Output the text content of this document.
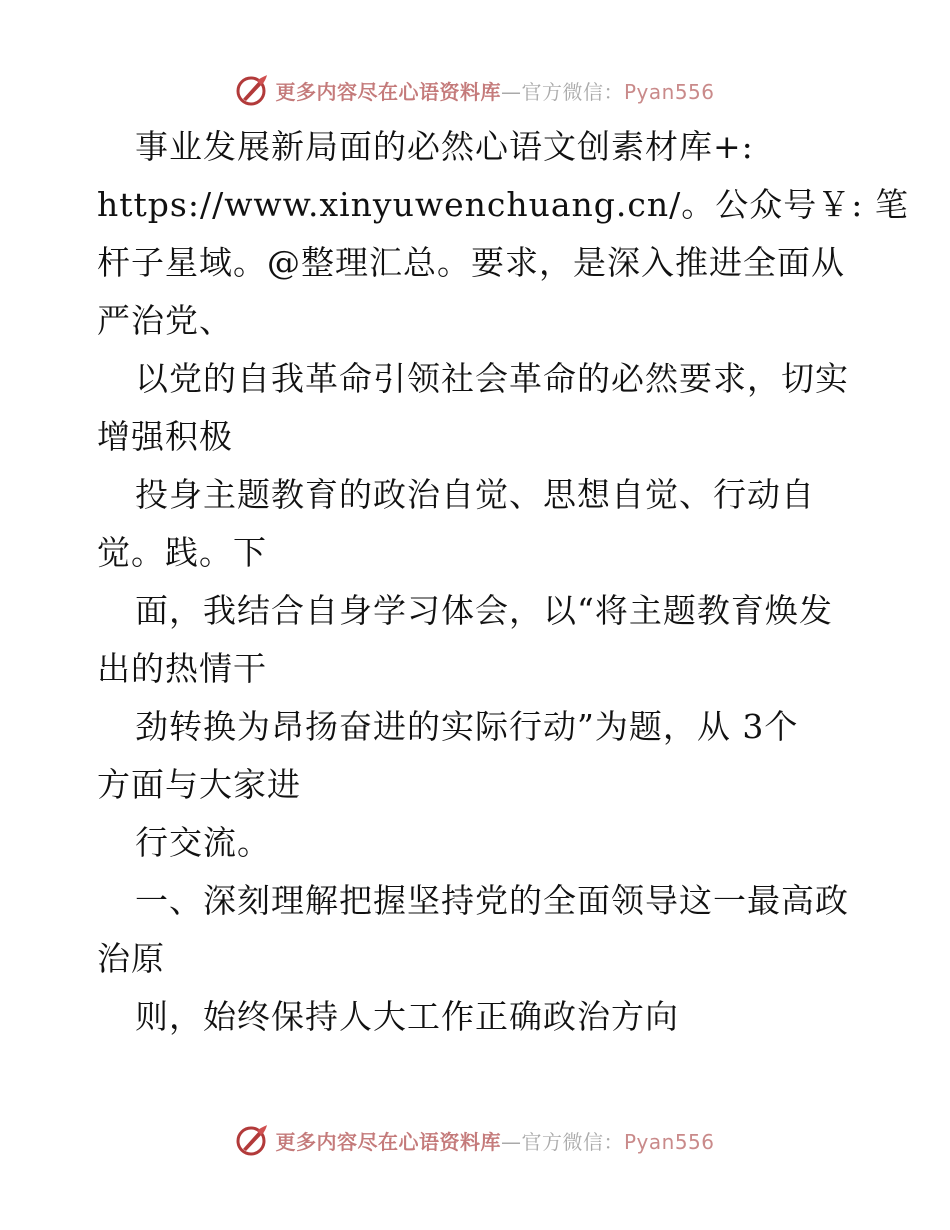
更多内容尽在心语资料库—官方微信：Pyan556
事业发展新局面的必然心语文创素材库+:
https://www.xinyuwenchuang.cn/。公众号￥: 笔
杆子星域。@整理汇总。要求，是深入推进全面从
严治党、
以党的自我革命引领社会革命的必然要求，切实
增强积极
投身主题教育的政治自觉、思想自觉、行动自
觉。践。下
面，我结合自身学习体会，以“将主题教育焕发
出的热情干
劲转换为昂扬奋进的实际行动”为题，从 3个
方面与大家进
行交流。
一、深刻理解把握坚持党的全面领导这一最高政
治原
则，始终保持人大工作正确政治方向
更多内容尽在心语资料库—官方微信：Pyan556
